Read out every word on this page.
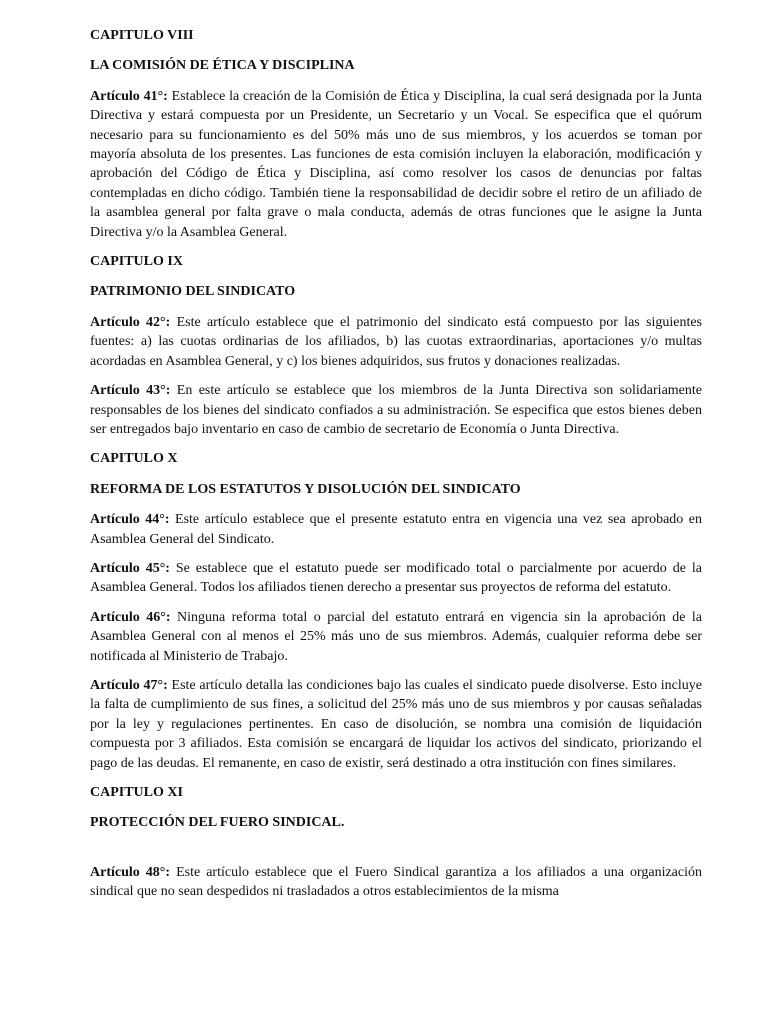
CAPITULO VIII
LA COMISIÓN DE ÉTICA Y DISCIPLINA

Artículo 41°: Establece la creación de la Comisión de Ética y Disciplina, la cual será designada por la Junta Directiva y estará compuesta por un Presidente, un Secretario y un Vocal. Se especifica que el quórum necesario para su funcionamiento es del 50% más uno de sus miembros, y los acuerdos se toman por mayoría absoluta de los presentes. Las funciones de esta comisión incluyen la elaboración, modificación y aprobación del Código de Ética y Disciplina, así como resolver los casos de denuncias por faltas contempladas en dicho código. También tiene la responsabilidad de decidir sobre el retiro de un afiliado de la asamblea general por falta grave o mala conducta, además de otras funciones que le asigne la Junta Directiva y/o la Asamblea General.

CAPITULO IX
PATRIMONIO DEL SINDICATO

Artículo 42°: Este artículo establece que el patrimonio del sindicato está compuesto por las siguientes fuentes: a) las cuotas ordinarias de los afiliados, b) las cuotas extraordinarias, aportaciones y/o multas acordadas en Asamblea General, y c) los bienes adquiridos, sus frutos y donaciones realizadas.

Artículo 43°: En este artículo se establece que los miembros de la Junta Directiva son solidariamente responsables de los bienes del sindicato confiados a su administración. Se especifica que estos bienes deben ser entregados bajo inventario en caso de cambio de secretario de Economía o Junta Directiva.

CAPITULO X
REFORMA DE LOS ESTATUTOS Y DISOLUCIÓN DEL SINDICATO

Artículo 44°: Este artículo establece que el presente estatuto entra en vigencia una vez sea aprobado en Asamblea General del Sindicato.

Artículo 45°: Se establece que el estatuto puede ser modificado total o parcialmente por acuerdo de la Asamblea General. Todos los afiliados tienen derecho a presentar sus proyectos de reforma del estatuto.

Artículo 46°: Ninguna reforma total o parcial del estatuto entrará en vigencia sin la aprobación de la Asamblea General con al menos el 25% más uno de sus miembros. Además, cualquier reforma debe ser notificada al Ministerio de Trabajo.

Artículo 47°: Este artículo detalla las condiciones bajo las cuales el sindicato puede disolverse. Esto incluye la falta de cumplimiento de sus fines, a solicitud del 25% más uno de sus miembros y por causas señaladas por la ley y regulaciones pertinentes. En caso de disolución, se nombra una comisión de liquidación compuesta por 3 afiliados. Esta comisión se encargará de liquidar los activos del sindicato, priorizando el pago de las deudas. El remanente, en caso de existir, será destinado a otra institución con fines similares.

CAPITULO XI
PROTECCIÓN DEL FUERO SINDICAL.

Artículo 48°: Este artículo establece que el Fuero Sindical garantiza a los afiliados a una organización sindical que no sean despedidos ni trasladados a otros establecimientos de la misma
